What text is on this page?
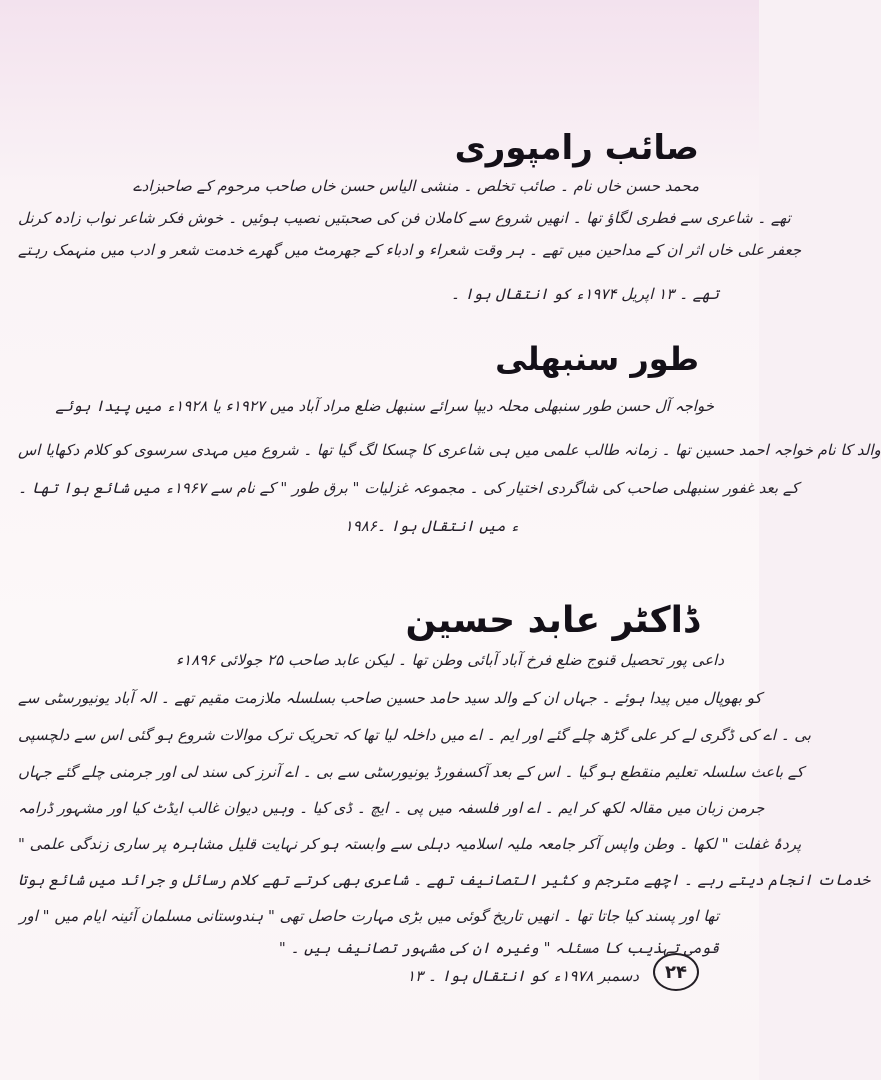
صائب رامپوری
محمد حسن خاں نام ۔ صائب تخلص ۔ منشی الیاس حسن خاں صاحب مرحوم کے صاحبزادے
تھے ۔ شاعری سے فطری لگاؤ تھا ۔ انھیں شروع سے کاملان فن کی صحبتیں نصیب ہوئیں ۔ خوش فکر شاعر نواب زادہ کرنل
جعفر علی خاں اثر ان کے مداحین میں تھے ۔ ہر وقت شعراء و ادباء کے جھرمٹ میں گھرے خدمت شعر و ادب میں منہمک رہتے
تھے ۔ ۱۳ اپریل ۱۹۷۴ء کو انتقال ہوا ۔
طور سنبھلی
خواجہ آل حسن طور سنبھلی محلہ دیپا سرائے سنبھل ضلع مراد آباد میں ۱۹۲۷ء یا ۱۹۲۸ء میں پیدا ہوئے
والد کا نام خواجہ احمد حسین تھا ۔ زمانہ طالب علمی میں ہی شاعری کا چسکا لگ گیا تھا ۔ شروع میں مہدی سرسوی کو کلام دکھایا اس
کے بعد غفور سنبھلی صاحب کی شاگردی اختیار کی ۔ مجموعہ غزلیات " برق طور " کے نام سے ۱۹۶۷ء میں شائع ہوا تھا ۔
۱۹۸۶ء میں انتقال ہوا ۔
ڈاکٹر عابد حسین
داعی پور تحصیل قنوج ضلع فرخ آباد آبائی وطن تھا ۔ لیکن عابد صاحب ۲۵ جولائی ۱۸۹۶ء
کو بھوپال میں پیدا ہوئے ۔ جہاں ان کے والد سید حامد حسین صاحب بسلسلہ ملازمت مقیم تھے ۔ الہ آباد یونیورسٹی سے
بی ۔ اے کی ڈگری لے کر علی گڑھ چلے گئے اور ایم ۔ اے میں داخلہ لیا تھا کہ تحریک ترک موالات شروع ہو گئی اس سے دلچسپی
کے باعث سلسلہ تعلیم منقطع ہو گیا ۔ اس کے بعد آکسفورڈ یونیورسٹی سے بی ۔ اے آنرز کی سند لی اور جرمنی چلے گئے جہاں
جرمن زبان میں مقالہ لکھ کر ایم ۔ اے اور فلسفہ میں پی ۔ ایچ ۔ ڈی کیا ۔ وہیں دیوان غالب ایڈٹ کیا اور مشہور ڈرامہ
" پردۂ غفلت " لکھا ۔ وطن واپس آکر جامعہ ملیہ اسلامیہ دہلی سے وابستہ ہو کر نہایت قلیل مشاہرہ پر ساری زندگی علمی
خدمات انجام دیتے رہے ۔ اچھے مترجم و کثیر التصانیف تھے ۔ شاعری بھی کرتے تھے کلام رسائل و جرائد میں شائع ہوتا
تھا اور پسند کیا جاتا تھا ۔ انھیں تاریخ گوئی میں بڑی مہارت حاصل تھی " ہندوستانی مسلمان آئینہ ایام میں " اور
" قومی تہذیب کا مسئلہ " وغیرہ ان کی مشہور تصانیف ہیں ۔
۱۳ دسمبر ۱۹۷۸ء کو انتقال ہوا ۔	۲۴
